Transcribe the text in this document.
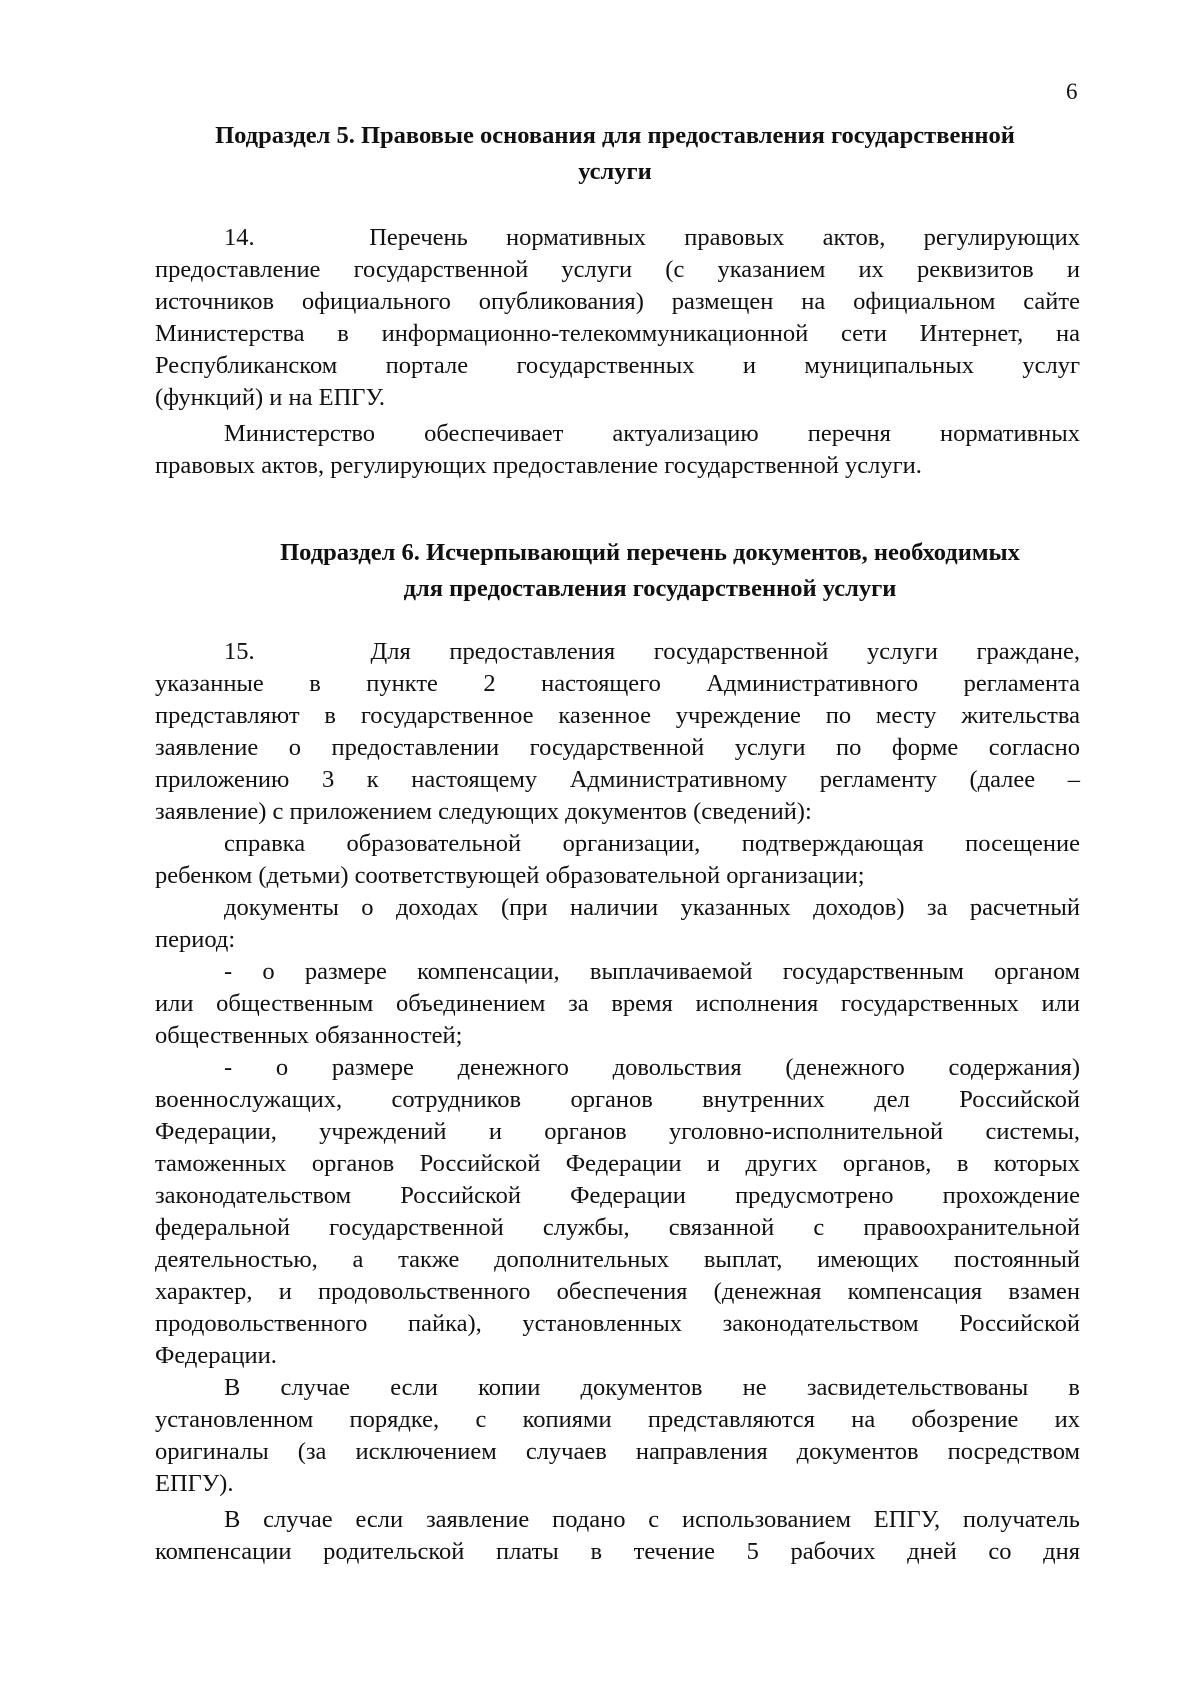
6
Подраздел 5. Правовые основания для предоставления государственной
услуги

14.   Перечень нормативных правовых актов, регулирующих

предоставление государственной услуги (с указанием их реквизитов и

источников официального опубликования) размещен на официальном сайте

Министерства в информационно-телекоммуникационной сети Интернет, на

Республиканском портале государственных и муниципальных услуг

(функций) и на ЕПГУ.

Министерство обеспечивает актуализацию перечня нормативных

правовых актов, регулирующих предоставление государственной услуги.

Подраздел 6. Исчерпывающий перечень документов, необходимых
для предоставления государственной услуги

15.   Для предоставления государственной услуги граждане,

указанные в пункте 2 настоящего Административного регламента

представляют в государственное казенное учреждение по месту жительства

заявление о предоставлении государственной услуги по форме согласно

приложению 3 к настоящему Административному регламенту (далее –

заявление) с приложением следующих документов (сведений):

справка образовательной организации, подтверждающая посещение

ребенком (детьми) соответствующей образовательной организации;

документы о доходах (при наличии указанных доходов) за расчетный

период:

- о размере компенсации, выплачиваемой государственным органом

или общественным объединением за время исполнения государственных или

общественных обязанностей;

- о размере денежного довольствия (денежного содержания)

военнослужащих, сотрудников органов внутренних дел Российской

Федерации, учреждений и органов уголовно-исполнительной системы,

таможенных органов Российской Федерации и других органов, в которых

законодательством Российской Федерации предусмотрено прохождение

федеральной государственной службы, связанной с правоохранительной

деятельностью, а также дополнительных выплат, имеющих постоянный

характер, и продовольственного обеспечения (денежная компенсация взамен

продовольственного пайка), установленных законодательством Российской

Федерации.

В случае если копии документов не засвидетельствованы в

установленном порядке, с копиями представляются на обозрение их

оригиналы (за исключением случаев направления документов посредством

ЕПГУ).

В случае если заявление подано с использованием ЕПГУ, получатель

компенсации родительской платы в течение 5 рабочих дней со дня
